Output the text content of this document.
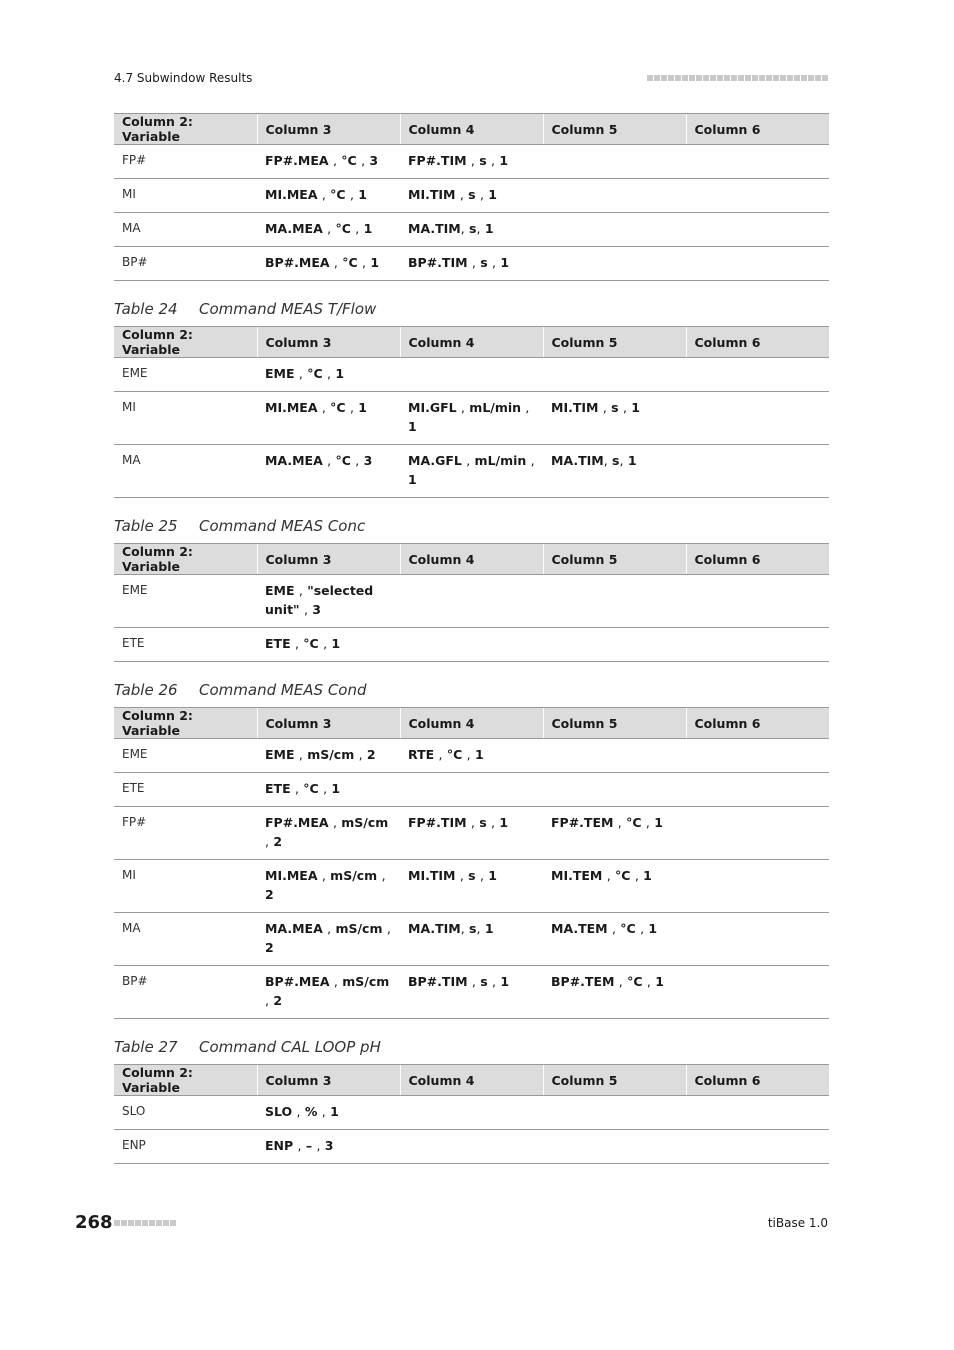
4.7 Subwindow Results
Column 2: Variable	Column 3	Column 4	Column 5	Column 6
FP#	FP#.MEA , °C , 3	FP#.TIM , s , 1		
MI	MI.MEA , °C , 1	MI.TIM , s , 1		
MA	MA.MEA , °C , 1	MA.TIM, s, 1		
BP#	BP#.MEA , °C , 1	BP#.TIM , s , 1		
Table 24 Command MEAS T/Flow
Column 2: Variable	Column 3	Column 4	Column 5	Column 6
EME	EME , °C , 1			
MI	MI.MEA , °C , 1	MI.GFL , mL/min , 1	MI.TIM , s , 1	
MA	MA.MEA , °C , 3	MA.GFL , mL/min , 1	MA.TIM, s, 1	
Table 25 Command MEAS Conc
Column 2: Variable	Column 3	Column 4	Column 5	Column 6
EME	EME , "selected unit" , 3			
ETE	ETE , °C , 1			
Table 26 Command MEAS Cond
Column 2: Variable	Column 3	Column 4	Column 5	Column 6
EME	EME , mS/cm , 2	RTE , °C , 1		
ETE	ETE , °C , 1			
FP#	FP#.MEA , mS/cm , 2	FP#.TIM , s , 1	FP#.TEM , °C , 1	
MI	MI.MEA , mS/cm , 2	MI.TIM , s , 1	MI.TEM , °C , 1	
MA	MA.MEA , mS/cm , 2	MA.TIM, s, 1	MA.TEM , °C , 1	
BP#	BP#.MEA , mS/cm , 2	BP#.TIM , s , 1	BP#.TEM , °C , 1	
Table 27 Command CAL LOOP pH
Column 2: Variable	Column 3	Column 4	Column 5	Column 6
SLO	SLO , % , 1			
ENP	ENP , – , 3			
268	tiBase 1.0
